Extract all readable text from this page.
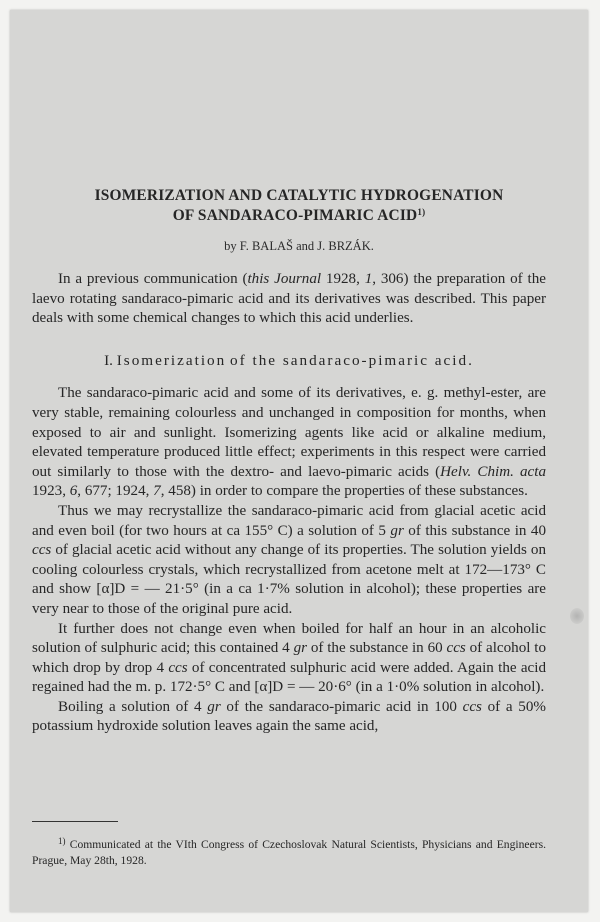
ISOMERIZATION AND CATALYTIC HYDROGENATION
OF SANDARACO-PIMARIC ACID$^{1)}$
by F. BALAŠ and J. BRZÁK.

In a previous communication (this Journal 1928, 1, 306) the preparation of the laevo rotating sandaraco-pimaric acid and its derivatives was described. This paper deals with some chemical changes to which this acid underlies.

I. Isomerization of the sandaraco-pimaric acid.

The sandaraco-pimaric acid and some of its derivatives, e. g. methyl-ester, are very stable, remaining colourless and unchanged in composition for months, when exposed to air and sunlight. Isomerizing agents like acid or alkaline medium, elevated temperature produced little effect; experiments in this respect were carried out similarly to those with the dextro- and laevo-pimaric acids (Helv. Chim. acta 1923, 6, 677; 1924, 7, 458) in order to compare the properties of these substances.

Thus we may recrystallize the sandaraco-pimaric acid from glacial acetic acid and even boil (for two hours at ca 155° C) a solution of 5 gr of this substance in 40 ccs of glacial acetic acid without any change of its properties. The solution yields on cooling colourless crystals, which recrystallized from acetone melt at 172—173° C and show [α]D = — 21·5° (in a ca 1·7% solution in alcohol); these properties are very near to those of the original pure acid.

It further does not change even when boiled for half an hour in an alcoholic solution of sulphuric acid; this contained 4 gr of the substance in 60 ccs of alcohol to which drop by drop 4 ccs of concentrated sulphuric acid were added. Again the acid regained had the m. p. 172·5° C and [α]D = — 20·6° (in a 1·0% solution in alcohol).

Boiling a solution of 4 gr of the sandaraco-pimaric acid in 100 ccs of a 50% potassium hydroxide solution leaves again the same acid,

$^{1)}$ Communicated at the VIth Congress of Czechoslovak Natural Scientists, Physicians and Engineers. Prague, May 28th, 1928.
